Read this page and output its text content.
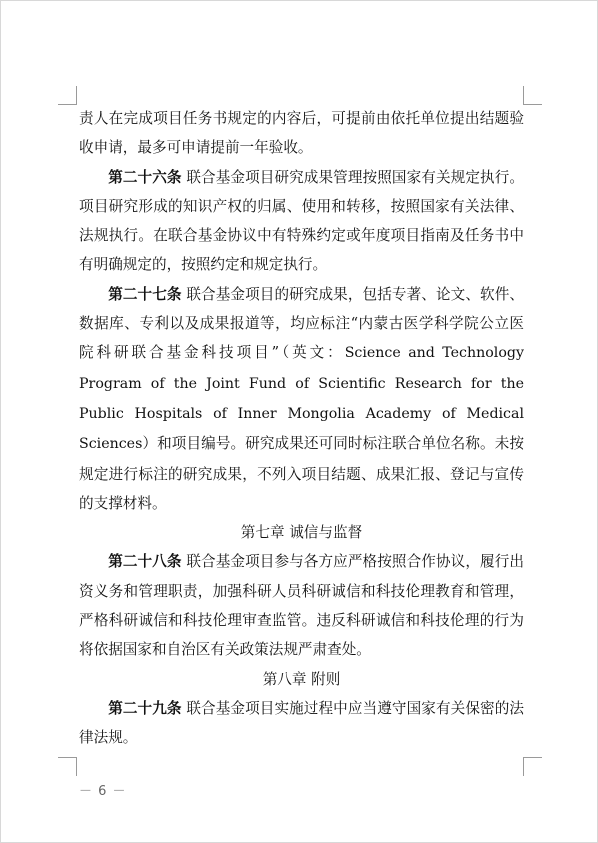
责人在完成项目任务书规定的内容后，可提前由依托单位提出结题验收申请，最多可申请提前一年验收。

第二十六条 联合基金项目研究成果管理按照国家有关规定执行。项目研究形成的知识产权的归属、使用和转移，按照国家有关法律、法规执行。在联合基金协议中有特殊约定或年度项目指南及任务书中有明确规定的，按照约定和规定执行。

第二十七条 联合基金项目的研究成果，包括专著、论文、软件、数据库、专利以及成果报道等，均应标注“内蒙古医学科学院公立医院科研联合基金科技项目”（英文：Science and Technology Program of the Joint Fund of Scientific Research for the Public Hospitals of Inner Mongolia Academy of Medical Sciences）和项目编号。研究成果还可同时标注联合单位名称。未按规定进行标注的研究成果，不列入项目结题、成果汇报、登记与宣传的支撑材料。

第七章 诚信与监督

第二十八条 联合基金项目参与各方应严格按照合作协议，履行出资义务和管理职责，加强科研人员科研诚信和科技伦理教育和管理，严格科研诚信和科技伦理审查监管。违反科研诚信和科技伦理的行为将依据国家和自治区有关政策法规严肃查处。

第八章 附则

第二十九条 联合基金项目实施过程中应当遵守国家有关保密的法律法规。

－ 6 －
